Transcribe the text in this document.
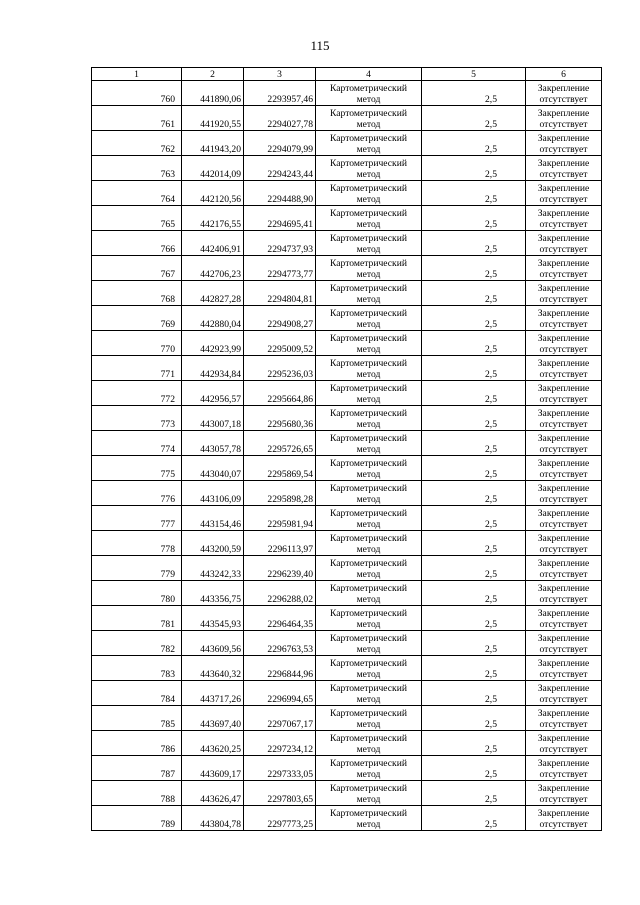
115
1	2	3	4	5	6
760	441890,06	2293957,46	Картометрический метод	2,5	Закрепление отсутствует
761	441920,55	2294027,78	Картометрический метод	2,5	Закрепление отсутствует
762	441943,20	2294079,99	Картометрический метод	2,5	Закрепление отсутствует
763	442014,09	2294243,44	Картометрический метод	2,5	Закрепление отсутствует
764	442120,56	2294488,90	Картометрический метод	2,5	Закрепление отсутствует
765	442176,55	2294695,41	Картометрический метод	2,5	Закрепление отсутствует
766	442406,91	2294737,93	Картометрический метод	2,5	Закрепление отсутствует
767	442706,23	2294773,77	Картометрический метод	2,5	Закрепление отсутствует
768	442827,28	2294804,81	Картометрический метод	2,5	Закрепление отсутствует
769	442880,04	2294908,27	Картометрический метод	2,5	Закрепление отсутствует
770	442923,99	2295009,52	Картометрический метод	2,5	Закрепление отсутствует
771	442934,84	2295236,03	Картометрический метод	2,5	Закрепление отсутствует
772	442956,57	2295664,86	Картометрический метод	2,5	Закрепление отсутствует
773	443007,18	2295680,36	Картометрический метод	2,5	Закрепление отсутствует
774	443057,78	2295726,65	Картометрический метод	2,5	Закрепление отсутствует
775	443040,07	2295869,54	Картометрический метод	2,5	Закрепление отсутствует
776	443106,09	2295898,28	Картометрический метод	2,5	Закрепление отсутствует
777	443154,46	2295981,94	Картометрический метод	2,5	Закрепление отсутствует
778	443200,59	2296113,97	Картометрический метод	2,5	Закрепление отсутствует
779	443242,33	2296239,40	Картометрический метод	2,5	Закрепление отсутствует
780	443356,75	2296288,02	Картометрический метод	2,5	Закрепление отсутствует
781	443545,93	2296464,35	Картометрический метод	2,5	Закрепление отсутствует
782	443609,56	2296763,53	Картометрический метод	2,5	Закрепление отсутствует
783	443640,32	2296844,96	Картометрический метод	2,5	Закрепление отсутствует
784	443717,26	2296994,65	Картометрический метод	2,5	Закрепление отсутствует
785	443697,40	2297067,17	Картометрический метод	2,5	Закрепление отсутствует
786	443620,25	2297234,12	Картометрический метод	2,5	Закрепление отсутствует
787	443609,17	2297333,05	Картометрический метод	2,5	Закрепление отсутствует
788	443626,47	2297803,65	Картометрический метод	2,5	Закрепление отсутствует
789	443804,78	2297773,25	Картометрический метод	2,5	Закрепление отсутствует
